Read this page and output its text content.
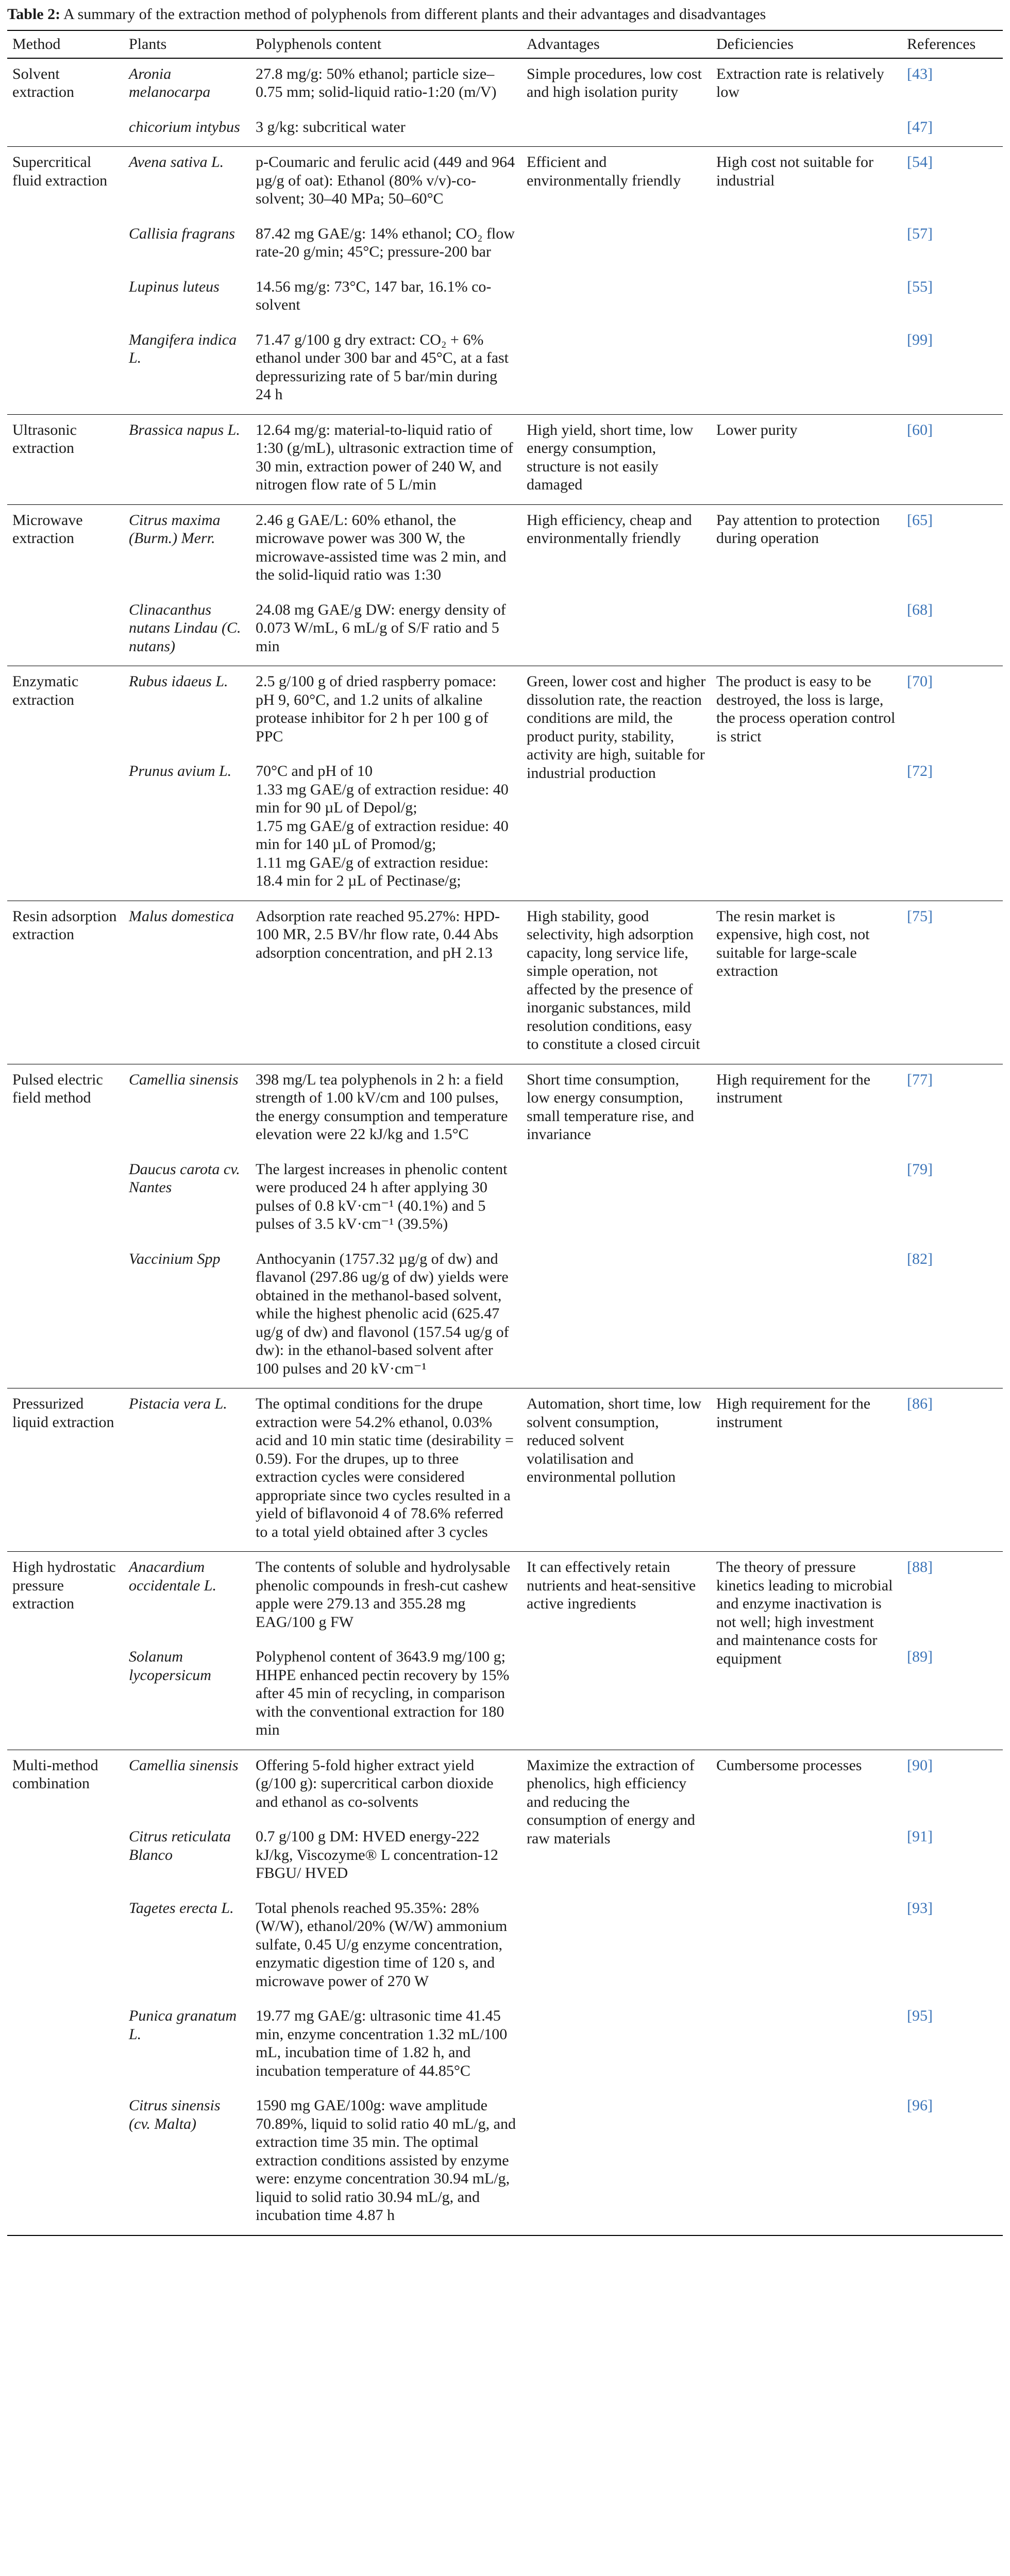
Table 2: A summary of the extraction method of polyphenols from different plants and their advantages and disadvantages

Method	Plants	Polyphenols content	Advantages	Deficiencies	References
Solvent extraction	Aronia melanocarpa	27.8 mg/g: 50% ethanol; particle size–0.75 mm; solid-liquid ratio-1:20 (m/V)	Simple procedures, low cost and high isolation purity	Extraction rate is relatively low	[43]
	chicorium intybus	3 g/kg: subcritical water			[47]
Supercritical fluid extraction	Avena sativa L.	p-Coumaric and ferulic acid (449 and 964 µg/g of oat): Ethanol (80% v/v)-co-solvent; 30–40 MPa; 50–60°C	Efficient and environmentally friendly	High cost not suitable for industrial	[54]
	Callisia fragrans	87.42 mg GAE/g: 14% ethanol; CO₂ flow rate-20 g/min; 45°C; pressure-200 bar			[57]
	Lupinus luteus	14.56 mg/g: 73°C, 147 bar, 16.1% co-solvent			[55]
	Mangifera indica L.	71.47 g/100 g dry extract: CO₂ + 6% ethanol under 300 bar and 45°C, at a fast depressurizing rate of 5 bar/min during 24 h			[99]
Ultrasonic extraction	Brassica napus L.	12.64 mg/g: material-to-liquid ratio of 1:30 (g/mL), ultrasonic extraction time of 30 min, extraction power of 240 W, and nitrogen flow rate of 5 L/min	High yield, short time, low energy consumption, structure is not easily damaged	Lower purity	[60]
Microwave extraction	Citrus maxima (Burm.) Merr.	2.46 g GAE/L: 60% ethanol, the microwave power was 300 W, the microwave-assisted time was 2 min, and the solid-liquid ratio was 1:30	High efficiency, cheap and environmentally friendly	Pay attention to protection during operation	[65]
	Clinacanthus nutans Lindau (C. nutans)	24.08 mg GAE/g DW: energy density of 0.073 W/mL, 6 mL/g of S/F ratio and 5 min			[68]
Enzymatic extraction	Rubus idaeus L.	2.5 g/100 g of dried raspberry pomace: pH 9, 60°C, and 1.2 units of alkaline protease inhibitor for 2 h per 100 g of PPC	Green, lower cost and higher dissolution rate, the reaction conditions are mild, the product purity, stability, activity are high, suitable for industrial production	The product is easy to be destroyed, the loss is large, the process operation control is strict	[70]
	Prunus avium L.	70°C and pH of 10
1.33 mg GAE/g of extraction residue: 40 min for 90 µL of Depol/g;
1.75 mg GAE/g of extraction residue: 40 min for 140 µL of Promod/g;
1.11 mg GAE/g of extraction residue: 18.4 min for 2 µL of Pectinase/g;			[72]
Resin adsorption extraction	Malus domestica	Adsorption rate reached 95.27%: HPD-100 MR, 2.5 BV/hr flow rate, 0.44 Abs adsorption concentration, and pH 2.13	High stability, good selectivity, high adsorption capacity, long service life, simple operation, not affected by the presence of inorganic substances, mild resolution conditions, easy to constitute a closed circuit	The resin market is expensive, high cost, not suitable for large-scale extraction	[75]
Pulsed electric field method	Camellia sinensis	398 mg/L tea polyphenols in 2 h: a field strength of 1.00 kV/cm and 100 pulses, the energy consumption and temperature elevation were 22 kJ/kg and 1.5°C	Short time consumption, low energy consumption, small temperature rise, and invariance	High requirement for the instrument	[77]
	Daucus carota cv. Nantes	The largest increases in phenolic content were produced 24 h after applying 30 pulses of 0.8 kV·cm⁻¹ (40.1%) and 5 pulses of 3.5 kV·cm⁻¹ (39.5%)			[79]
	Vaccinium Spp	Anthocyanin (1757.32 µg/g of dw) and flavanol (297.86 ug/g of dw) yields were obtained in the methanol-based solvent, while the highest phenolic acid (625.47 ug/g of dw) and flavonol (157.54 ug/g of dw): in the ethanol-based solvent after 100 pulses and 20 kV·cm⁻¹			[82]
Pressurized liquid extraction	Pistacia vera L.	The optimal conditions for the drupe extraction were 54.2% ethanol, 0.03% acid and 10 min static time (desirability = 0.59). For the drupes, up to three extraction cycles were considered appropriate since two cycles resulted in a yield of biflavonoid 4 of 78.6% referred to a total yield obtained after 3 cycles	Automation, short time, low solvent consumption, reduced solvent volatilisation and environmental pollution	High requirement for the instrument	[86]
High hydrostatic pressure extraction	Anacardium occidentale L.	The contents of soluble and hydrolysable phenolic compounds in fresh-cut cashew apple were 279.13 and 355.28 mg EAG/100 g FW	It can effectively retain nutrients and heat-sensitive active ingredients	The theory of pressure kinetics leading to microbial and enzyme inactivation is not well; high investment and maintenance costs for equipment	[88]
	Solanum lycopersicum	Polyphenol content of 3643.9 mg/100 g; HHPE enhanced pectin recovery by 15% after 45 min of recycling, in comparison with the conventional extraction for 180 min			[89]
Multi-method combination	Camellia sinensis	Offering 5-fold higher extract yield (g/100 g): supercritical carbon dioxide and ethanol as co-solvents	Maximize the extraction of phenolics, high efficiency and reducing the consumption of energy and raw materials	Cumbersome processes	[90]
	Citrus reticulata Blanco	0.7 g/100 g DM: HVED energy-222 kJ/kg, Viscozyme® L concentration-12 FBGU/ HVED			[91]
	Tagetes erecta L.	Total phenols reached 95.35%: 28% (W/W), ethanol/20% (W/W) ammonium sulfate, 0.45 U/g enzyme concentration, enzymatic digestion time of 120 s, and microwave power of 270 W			[93]
	Punica granatum L.	19.77 mg GAE/g: ultrasonic time 41.45 min, enzyme concentration 1.32 mL/100 mL, incubation time of 1.82 h, and incubation temperature of 44.85°C			[95]
	Citrus sinensis (cv. Malta)	1590 mg GAE/100g: wave amplitude 70.89%, liquid to solid ratio 40 mL/g, and extraction time 35 min. The optimal extraction conditions assisted by enzyme were: enzyme concentration 30.94 mL/g, liquid to solid ratio 30.94 mL/g, and incubation time 4.87 h			[96]
